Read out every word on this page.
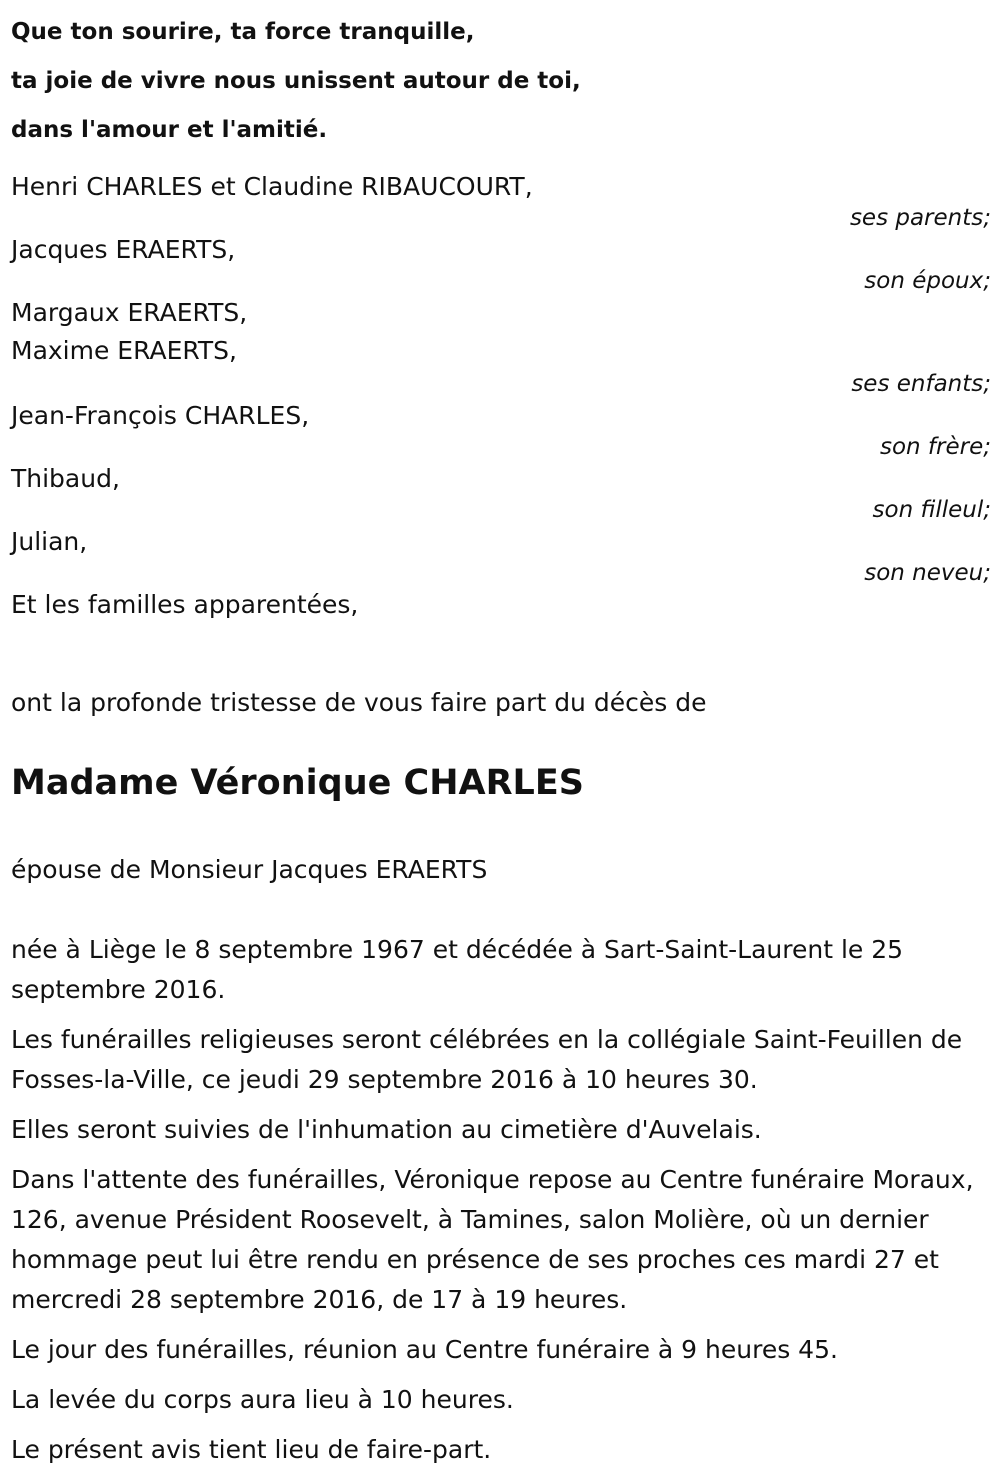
Que ton sourire, ta force tranquille,
ta joie de vivre nous unissent autour de toi,
dans l'amour et l'amitié.
Henri CHARLES et Claudine RIBAUCOURT,
ses parents;
Jacques ERAERTS,
son époux;
Margaux ERAERTS,
Maxime ERAERTS,
ses enfants;
Jean-François CHARLES,
son frère;
Thibaud,
son filleul;
Julian,
son neveu;
Et les familles apparentées,
ont la profonde tristesse de vous faire part du décès de
Madame Véronique CHARLES
épouse de Monsieur Jacques ERAERTS

née à Liège le 8 septembre 1967 et décédée à Sart-Saint-Laurent le 25 septembre 2016.

Les funérailles religieuses seront célébrées en la collégiale Saint-Feuillen de Fosses-la-Ville, ce jeudi 29 septembre 2016 à 10 heures 30.

Elles seront suivies de l'inhumation au cimetière d'Auvelais.

Dans l'attente des funérailles, Véronique repose au Centre funéraire Moraux, 126, avenue Président Roosevelt, à Tamines, salon Molière, où un dernier hommage peut lui être rendu en présence de ses proches ces mardi 27 et mercredi 28 septembre 2016, de 17 à 19 heures.

Le jour des funérailles, réunion au Centre funéraire à 9 heures 45.

La levée du corps aura lieu à 10 heures.

Le présent avis tient lieu de faire-part.
